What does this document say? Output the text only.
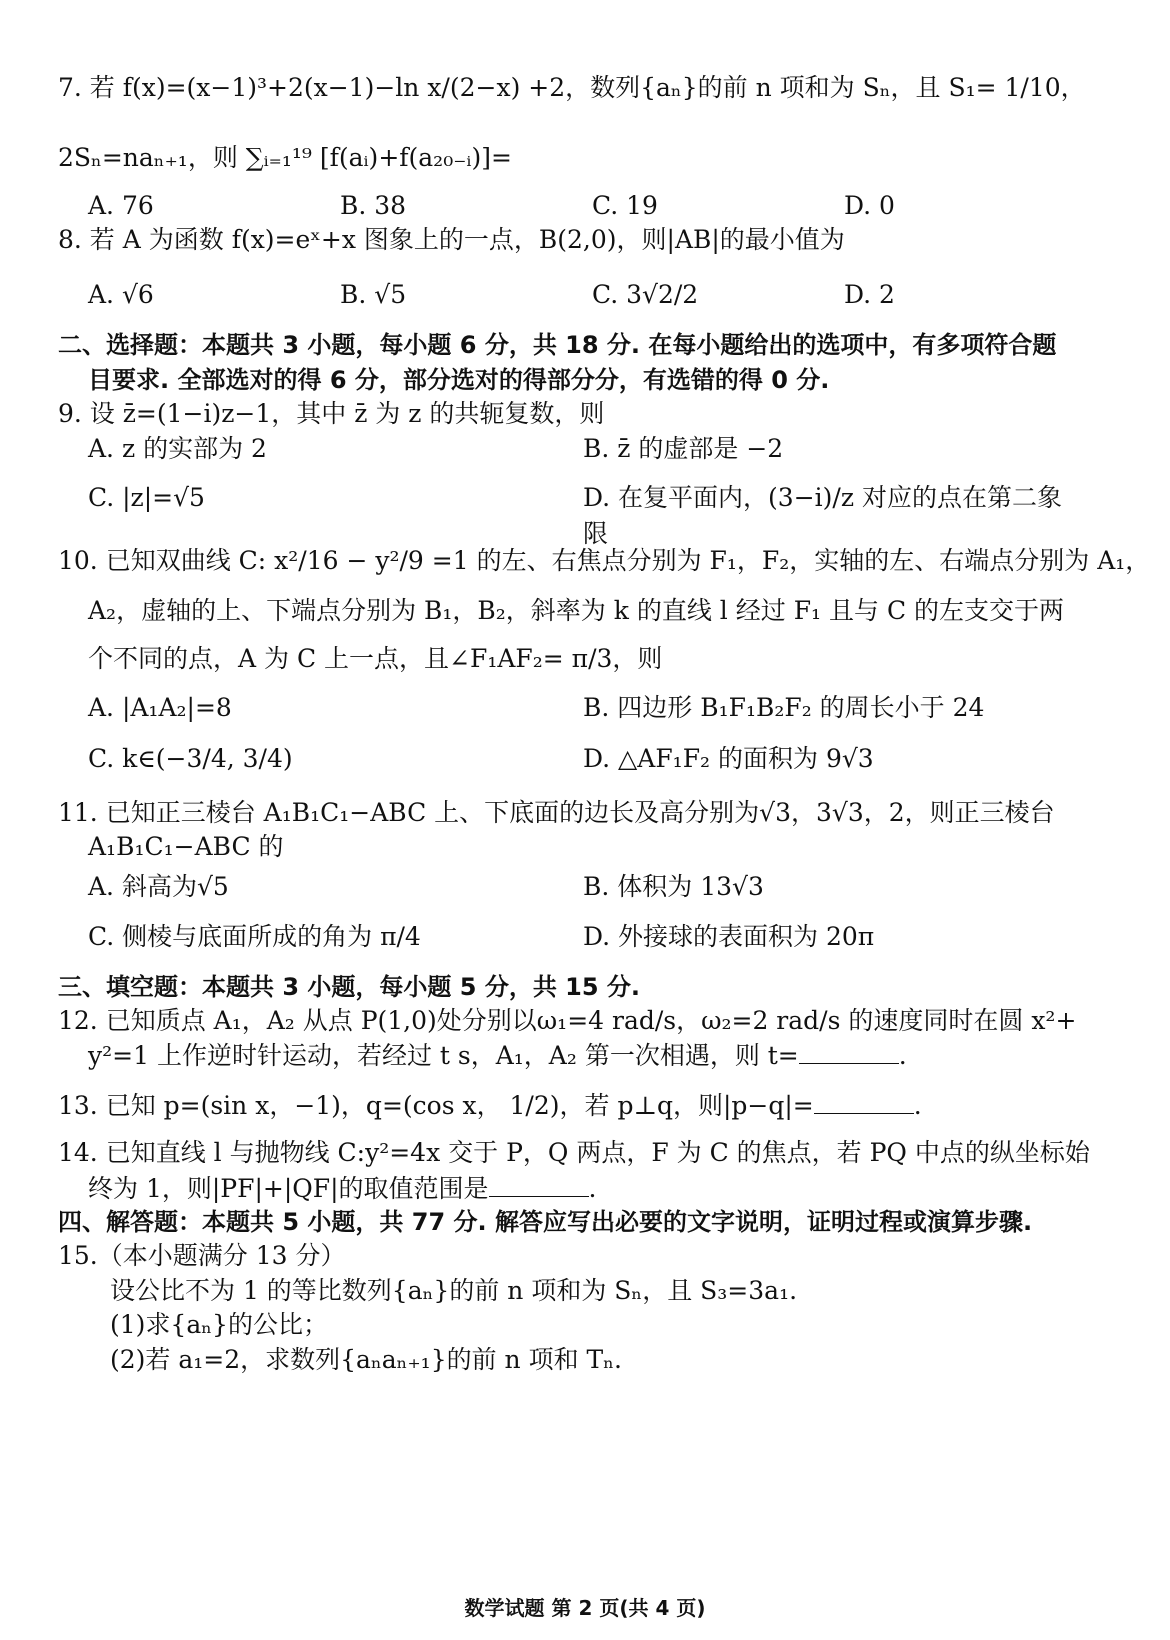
7. 若 f(x)=(x−1)³+2(x−1)−ln x/(2−x) +2，数列{aₙ}的前 n 项和为 Sₙ，且 S₁= 1/10，
2Sₙ=naₙ₊₁，则 ∑ᵢ₌₁¹⁹ [f(aᵢ)+f(a₂₀₋ᵢ)]=
A. 76	B. 38	C. 19	D. 0
8. 若 A 为函数 f(x)=eˣ+x 图象上的一点，B(2,0)，则|AB|的最小值为
A. √6	B. √5	C. 3√2/2	D. 2
二、选择题：本题共 3 小题，每小题 6 分，共 18 分. 在每小题给出的选项中，有多项符合题
目要求. 全部选对的得 6 分，部分选对的得部分分，有选错的得 0 分.
9. 设 z̄=(1−i)z−1，其中 z̄ 为 z 的共轭复数，则
A. z 的实部为 2	B. z̄ 的虚部是 −2
C. |z|=√5	D. 在复平面内，(3−i)/z 对应的点在第二象限
10. 已知双曲线 C: x²/16 − y²/9 =1 的左、右焦点分别为 F₁，F₂，实轴的左、右端点分别为 A₁，
A₂，虚轴的上、下端点分别为 B₁，B₂，斜率为 k 的直线 l 经过 F₁ 且与 C 的左支交于两
个不同的点，A 为 C 上一点，且∠F₁AF₂= π/3，则
A. |A₁A₂|=8	B. 四边形 B₁F₁B₂F₂ 的周长小于 24
C. k∈(−3/4, 3/4)	D. △AF₁F₂ 的面积为 9√3
11. 已知正三棱台 A₁B₁C₁−ABC 上、下底面的边长及高分别为√3，3√3，2，则正三棱台
A₁B₁C₁−ABC 的
A. 斜高为√5	B. 体积为 13√3
C. 侧棱与底面所成的角为 π/4	D. 外接球的表面积为 20π
三、填空题：本题共 3 小题，每小题 5 分，共 15 分.
12. 已知质点 A₁，A₂ 从点 P(1,0)处分别以ω₁=4 rad/s，ω₂=2 rad/s 的速度同时在圆 x²+
y²=1 上作逆时针运动，若经过 t s，A₁，A₂ 第一次相遇，则 t=	.
13. 已知 p=(sin x，−1)，q=(cos x， 1/2)，若 p⊥q，则|p−q|=	.
14. 已知直线 l 与抛物线 C:y²=4x 交于 P，Q 两点，F 为 C 的焦点，若 PQ 中点的纵坐标始
终为 1，则|PF|+|QF|的取值范围是	.
四、解答题：本题共 5 小题，共 77 分. 解答应写出必要的文字说明，证明过程或演算步骤.
15.（本小题满分 13 分）
设公比不为 1 的等比数列{aₙ}的前 n 项和为 Sₙ，且 S₃=3a₁.
(1)求{aₙ}的公比；
(2)若 a₁=2，求数列{aₙaₙ₊₁}的前 n 项和 Tₙ.
数学试题 第 2 页(共 4 页)
